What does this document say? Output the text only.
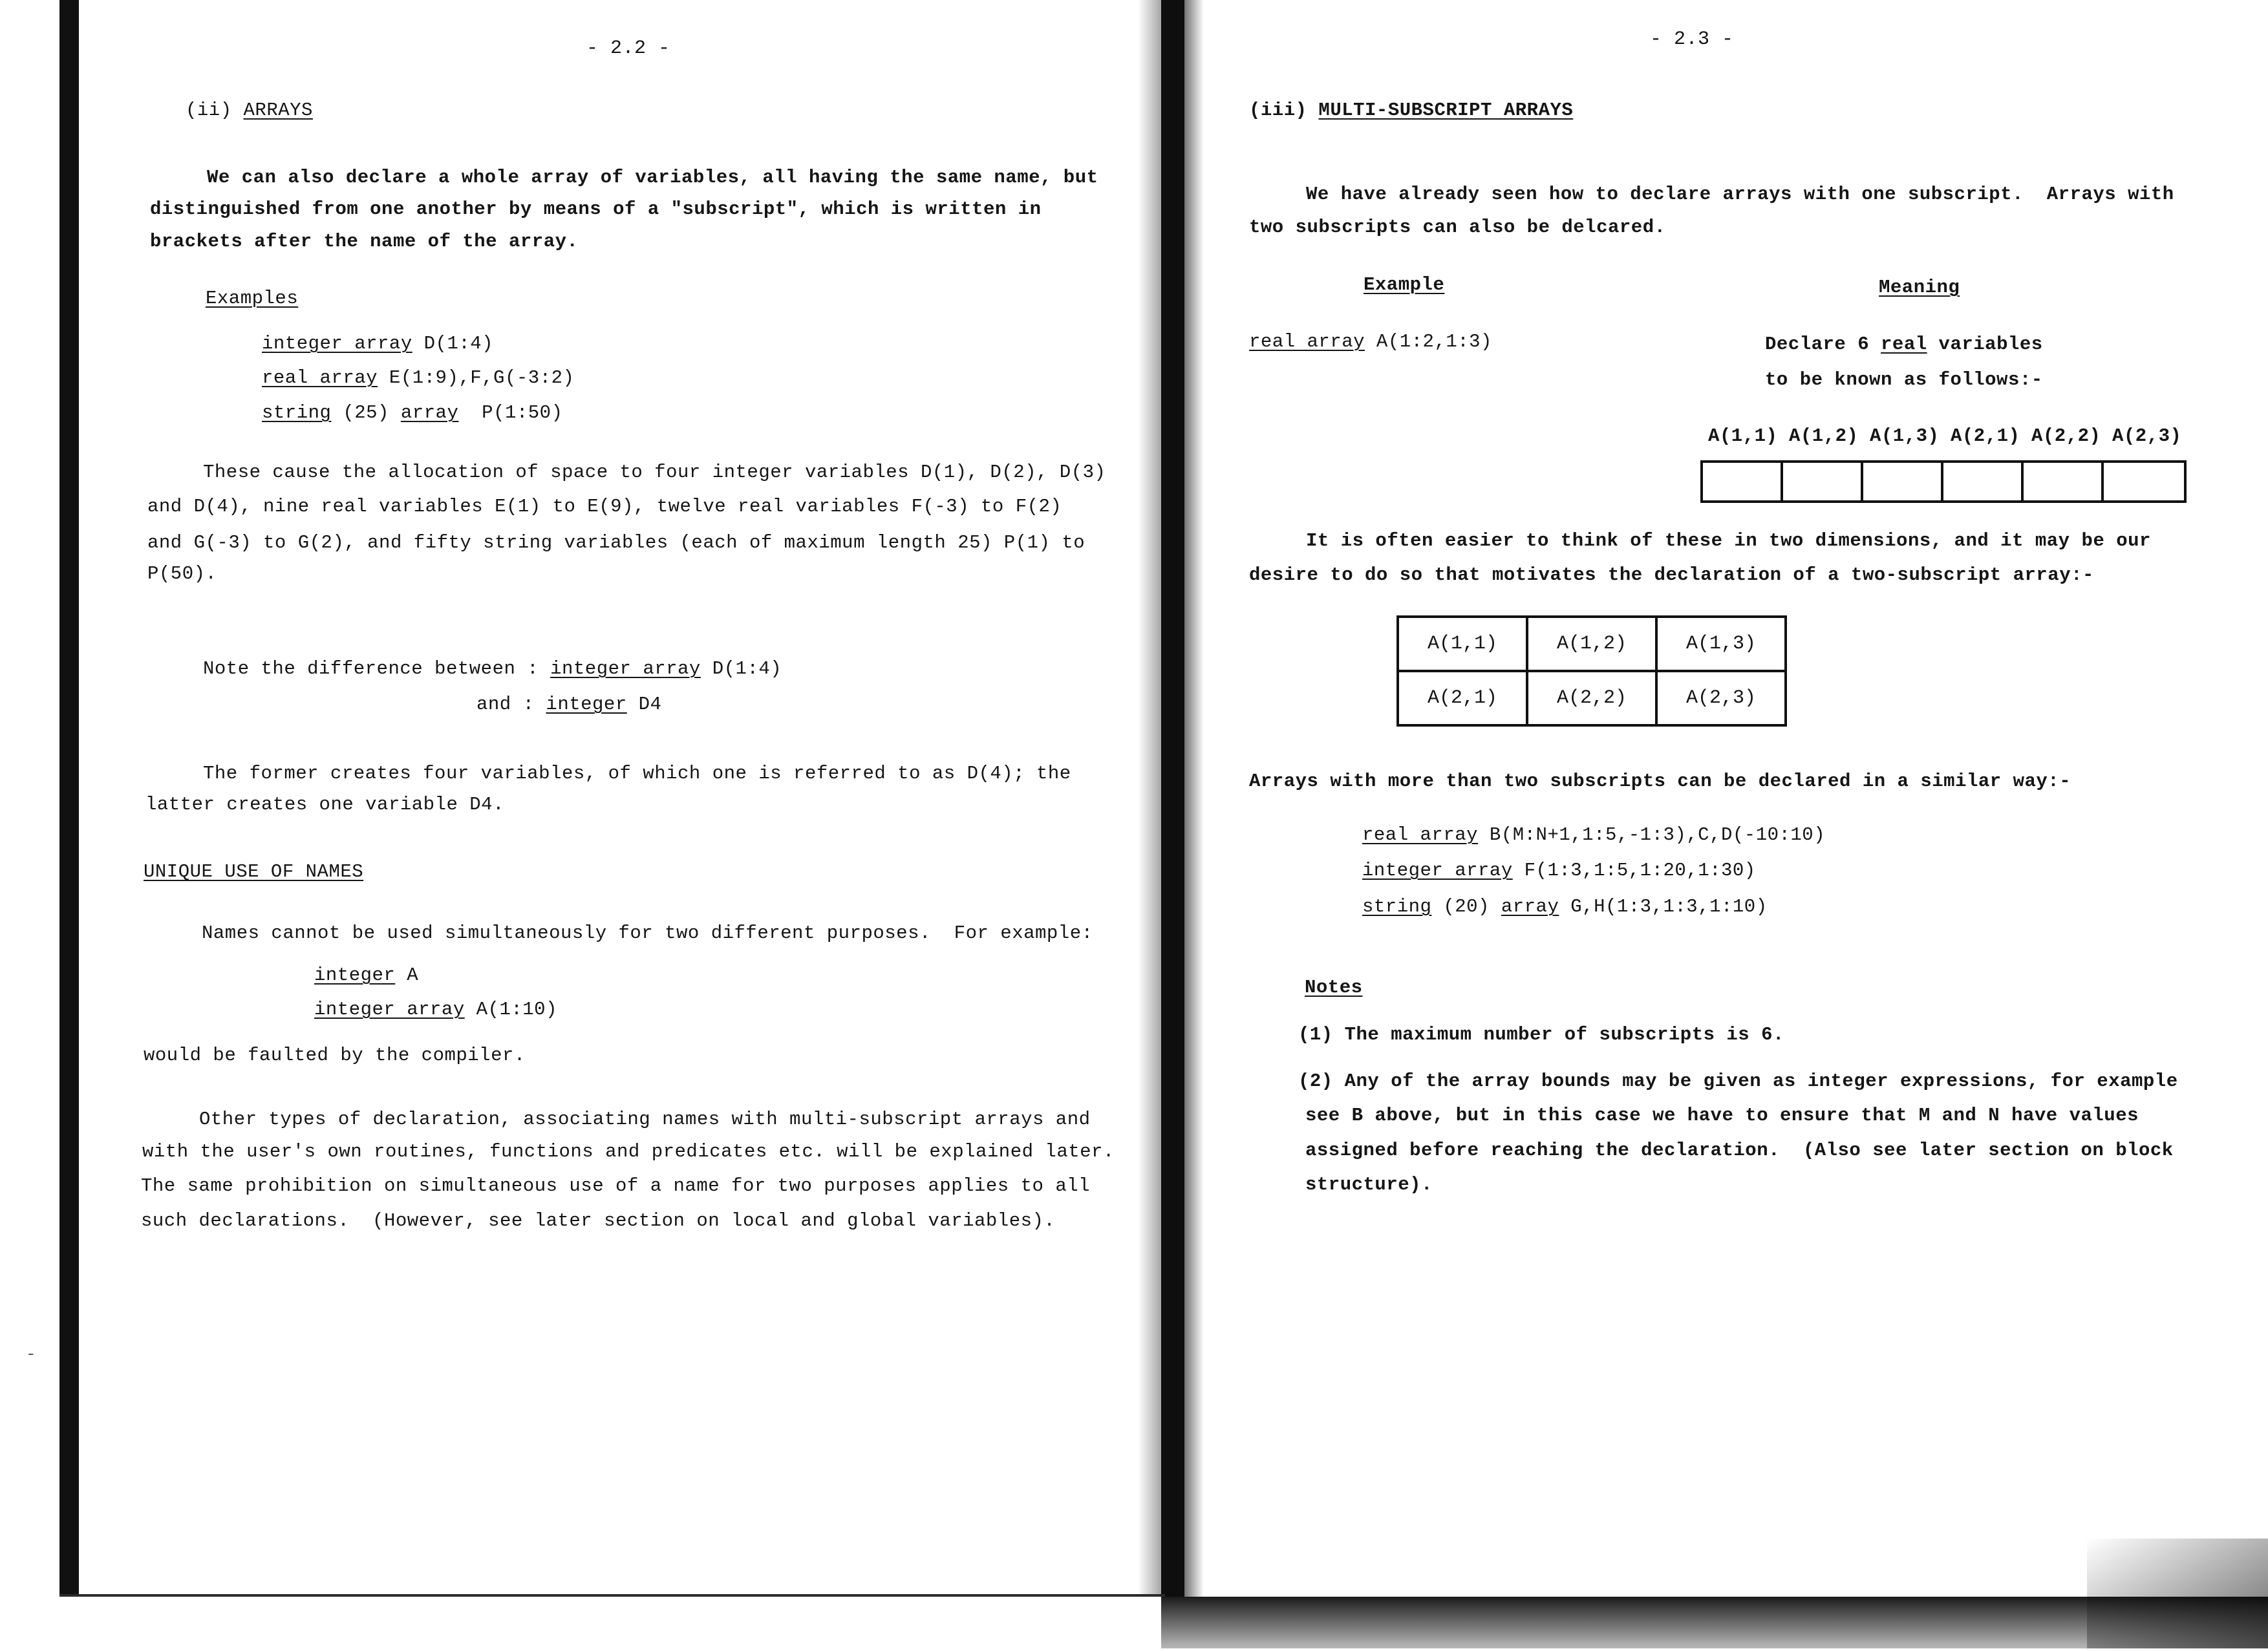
-
- 2.2 -
(ii) ARRAYS
We can also declare a whole array of variables, all having the same name, but
distinguished from one another by means of a "subscript", which is written in
brackets after the name of the array.
Examples
integer array D(1:4)
real array E(1:9),F,G(-3:2)
string (25) array  P(1:50)
These cause the allocation of space to four integer variables D(1), D(2), D(3)
and D(4), nine real variables E(1) to E(9), twelve real variables F(-3) to F(2)
and G(-3) to G(2), and fifty string variables (each of maximum length 25) P(1) to
P(50).
Note the difference between : integer array D(1:4)
and : integer D4
The former creates four variables, of which one is referred to as D(4); the
latter creates one variable D4.
UNIQUE USE OF NAMES
Names cannot be used simultaneously for two different purposes.  For example:
integer A
integer array A(1:10)
would be faulted by the compiler.
Other types of declaration, associating names with multi-subscript arrays and
with the user's own routines, functions and predicates etc. will be explained later.
The same prohibition on simultaneous use of a name for two purposes applies to all
such declarations.  (However, see later section on local and global variables).
- 2.3 -
(iii) MULTI-SUBSCRIPT ARRAYS
We have already seen how to declare arrays with one subscript.  Arrays with
two subscripts can also be delcared.
Example	Meaning
real array A(1:2,1:3)	Declare 6 real variables
to be known as follows:-
A(1,1) A(1,2) A(1,3) A(2,1) A(2,2) A(2,3)
It is often easier to think of these in two dimensions, and it may be our
desire to do so that motivates the declaration of a two-subscript array:-
A(1,1)	A(1,2)	A(1,3)
A(2,1)	A(2,2)	A(2,3)
Arrays with more than two subscripts can be declared in a similar way:-
real array B(M:N+1,1:5,-1:3),C,D(-10:10)
integer array F(1:3,1:5,1:20,1:30)
string (20) array G,H(1:3,1:3,1:10)
Notes
(1) The maximum number of subscripts is 6.
(2) Any of the array bounds may be given as integer expressions, for example
see B above, but in this case we have to ensure that M and N have values
assigned before reaching the declaration.  (Also see later section on block
structure).
